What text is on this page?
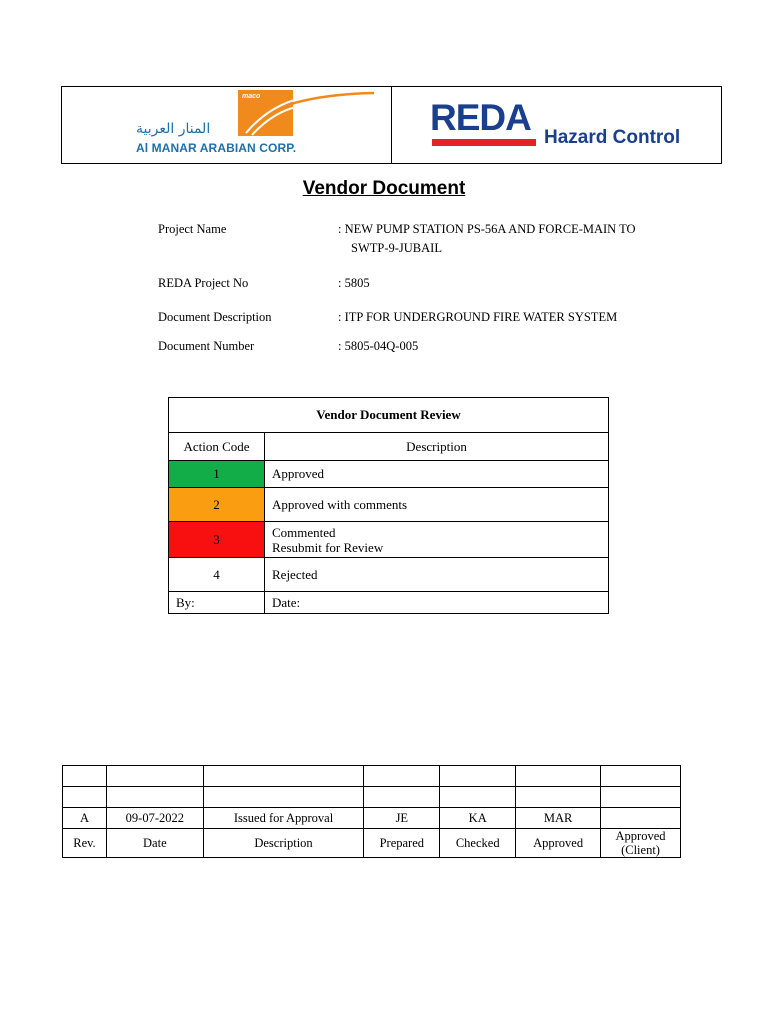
maco
المنار العربية
Al MANAR ARABIAN CORP.
REDA Hazard Control
Vendor Document
Project Name	: NEW PUMP STATION PS-56A AND FORCE-MAIN TO
SWTP-9-JUBAIL
REDA Project No	: 5805
Document Description	: ITP FOR UNDERGROUND FIRE WATER SYSTEM
Document Number	: 5805-04Q-005
Vendor Document Review	
Action Code	Description
1	Approved
2	Approved with comments
3	Commented
Resubmit for Review

4	Rejected
By:	Date:

A	09-07-2022	Issued for Approval	JE	KA	MAR	
Rev.	Date	Description	Prepared	Checked	Approved	Approved
(Client)
